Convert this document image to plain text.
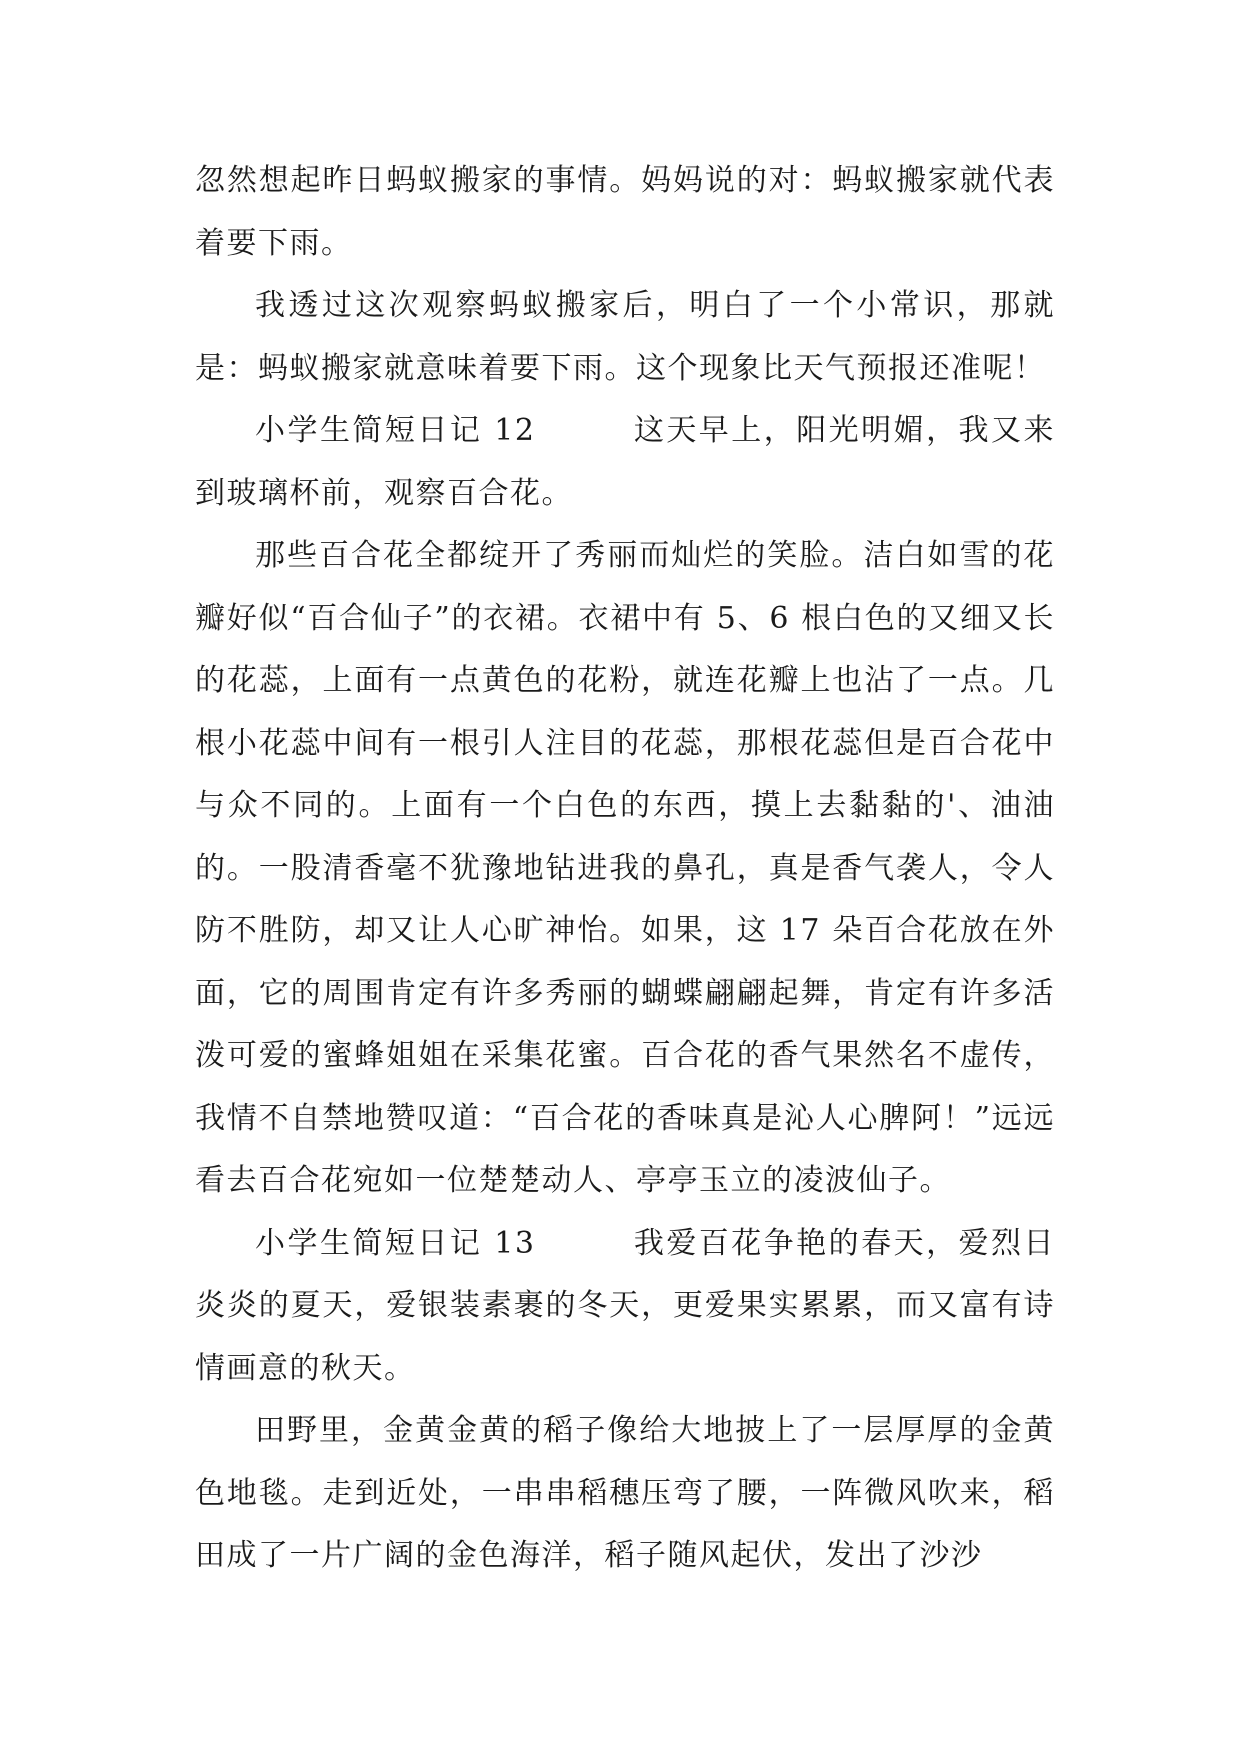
忽然想起昨日蚂蚁搬家的事情。妈妈说的对：蚂蚁搬家就代表着要下雨。

我透过这次观察蚂蚁搬家后，明白了一个小常识，那就是：蚂蚁搬家就意味着要下雨。这个现象比天气预报还准呢！

小学生简短日记 12　　　这天早上，阳光明媚，我又来到玻璃杯前，观察百合花。

那些百合花全都绽开了秀丽而灿烂的笑脸。洁白如雪的花瓣好似“百合仙子”的衣裙。衣裙中有 5、6 根白色的又细又长的花蕊，上面有一点黄色的花粉，就连花瓣上也沾了一点。几根小花蕊中间有一根引人注目的花蕊，那根花蕊但是百合花中与众不同的。上面有一个白色的东西，摸上去黏黏的'、油油的。一股清香毫不犹豫地钻进我的鼻孔，真是香气袭人，令人防不胜防，却又让人心旷神怡。如果，这 17 朵百合花放在外面，它的周围肯定有许多秀丽的蝴蝶翩翩起舞，肯定有许多活泼可爱的蜜蜂姐姐在采集花蜜。百合花的香气果然名不虚传，我情不自禁地赞叹道：“百合花的香味真是沁人心脾阿！”远远看去百合花宛如一位楚楚动人、亭亭玉立的凌波仙子。

小学生简短日记 13　　　我爱百花争艳的春天，爱烈日炎炎的夏天，爱银装素裹的冬天，更爱果实累累，而又富有诗情画意的秋天。

田野里，金黄金黄的稻子像给大地披上了一层厚厚的金黄色地毯。走到近处，一串串稻穗压弯了腰，一阵微风吹来，稻田成了一片广阔的金色海洋，稻子随风起伏，发出了沙沙
